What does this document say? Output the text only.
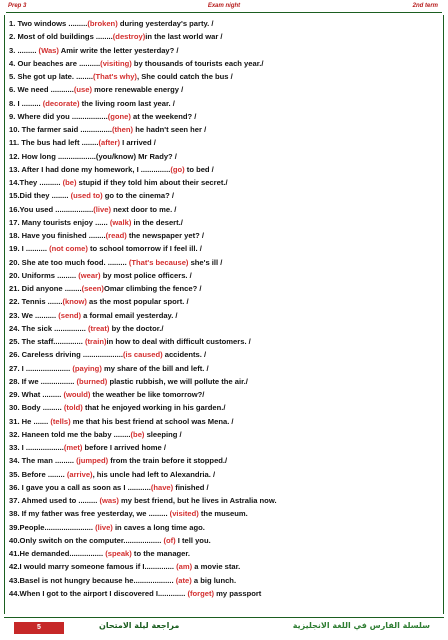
Prep 3	Exam night	2nd term
1. Two windows .........(broken) during yesterday's party. /
2. Most of old buildings ........(destroy)in the last world war /
3. ......... (Was) Amir write the letter yesterday? /
4. Our beaches are ..........(visiting) by thousands of tourists each year./
5. She got up late. ........(That's why), She could catch the bus /
6. We need ...........(use) more renewable energy /
8. I ......... (decorate) the living room last year. /
9. Where did you .................(gone) at the weekend? /
10. The farmer said ...............(then) he hadn't seen her /
11. The bus had left ........(after) I arrived /
12. How long ..................(you/know) Mr Rady? /
13. After I had done my homework, I ..............(go) to bed /
14.They .......... (be) stupid if they told him about their secret./
15.Did they ........ (used to) go to the cinema? /
16.You used ..................(live) next door to me. /
17. Many tourists enjoy ...... (walk) in the desert./
18. Have you finished ........(read) the newspaper yet? /
19. I .......... (not come) to school tomorrow if I feel ill. /
20. She ate too much food. ......... (That's because) she's ill /
20. Uniforms ......... (wear) by most police officers. /
21. Did anyone ........(seen)Omar climbing the fence? /
22. Tennis .......(know) as the most popular sport. /
23. We .......... (send) a formal email yesterday. /
24. The sick ............... (treat) by the doctor./
25. The staff.............. (train)in how to deal with difficult customers. /
26. Careless driving ...................(is caused) accidents. /
27. I ..................... (paying) my share of the bill and left. /
28. If we ................ (burned) plastic rubbish, we will pollute the air./
29. What ......... (would) the weather be like tomorrow?/
30. Body ......... (told) that he enjoyed working in his garden./
31. He ....... (tells) me that his best friend at school was Mena. /
32. Haneen told me the baby ........(be) sleeping /
33. I ..................(met) before I arrived home /
34. The man ......... (jumped) from the train before it stopped./
35. Before ........ (arrive), his uncle had left to Alexandria. /
36. I gave you a call as soon as I ...........(have) finished /
37. Ahmed used to ......... (was) my best friend, but he lives in Astralia now.
38. If my father was free yesterday, we ......... (visited) the museum.
39.People....................... (live) in caves a long time ago.
40.Only switch on the computer.................. (of) I tell you.
41.He demanded................ (speak) to the manager.
42.I would marry someone famous if I.............. (am) a movie star.
43.Basel is not hungry because he................... (ate) a big lunch.
44.When I got to the airport I discovered I............. (forget) my passport
5	مراجعة ليلة الامتحان	سلسلة الفارس في اللغة الانجليزية
